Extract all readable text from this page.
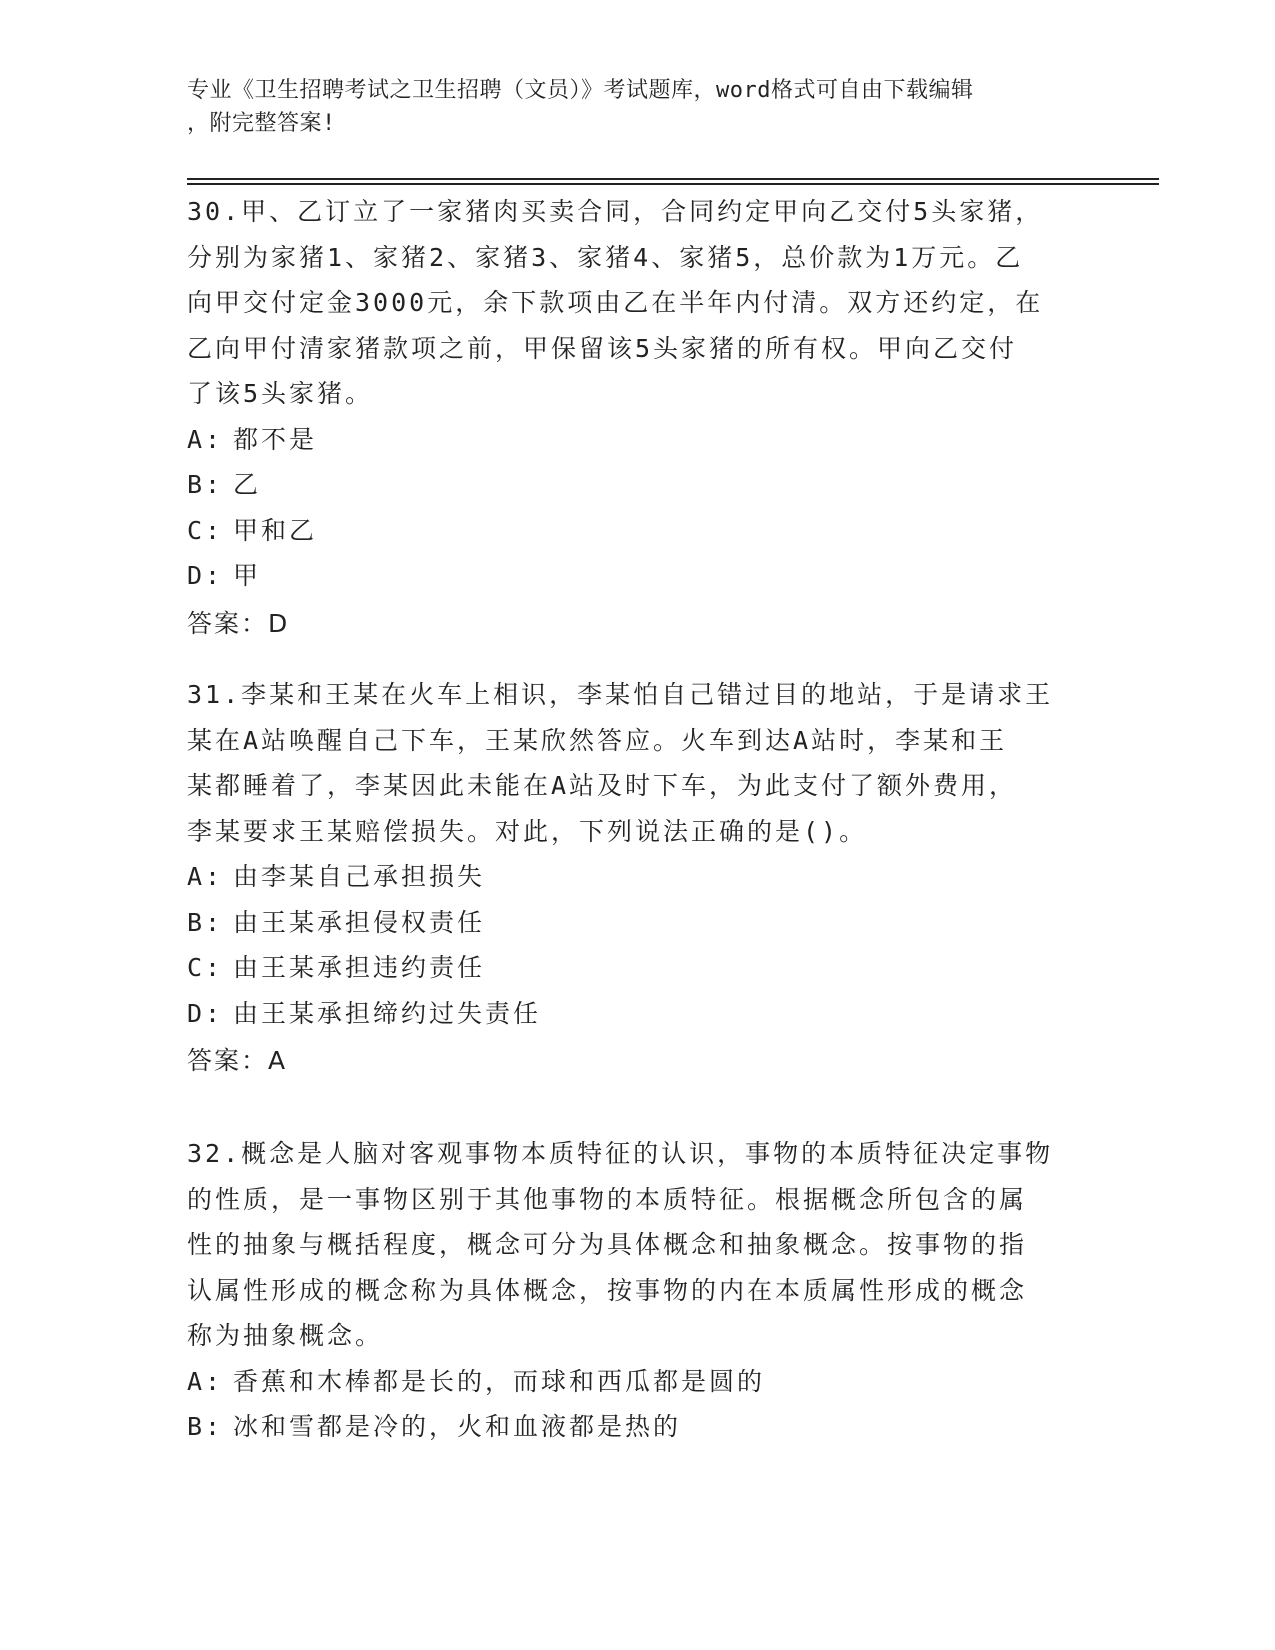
专业《卫生招聘考试之卫生招聘（文员）》考试题库，word格式可自由下载编辑
，附完整答案!

30.甲、乙订立了一家猪肉买卖合同，合同约定甲向乙交付5头家猪，
分别为家猪1、家猪2、家猪3、家猪4、家猪5，总价款为1万元。乙
向甲交付定金3000元，余下款项由乙在半年内付清。双方还约定，在
乙向甲付清家猪款项之前，甲保留该5头家猪的所有权。甲向乙交付
了该5头家猪。

A: 都不是

B: 乙

C: 甲和乙

D: 甲

答案：D

31.李某和王某在火车上相识，李某怕自己错过目的地站，于是请求王
某在A站唤醒自己下车，王某欣然答应。火车到达A站时，李某和王
某都睡着了，李某因此未能在A站及时下车，为此支付了额外费用，
李某要求王某赔偿损失。对此，下列说法正确的是()。

A: 由李某自己承担损失

B: 由王某承担侵权责任

C: 由王某承担违约责任

D: 由王某承担缔约过失责任

答案：A

32.概念是人脑对客观事物本质特征的认识，事物的本质特征决定事物
的性质，是一事物区别于其他事物的本质特征。根据概念所包含的属
性的抽象与概括程度，概念可分为具体概念和抽象概念。按事物的指
认属性形成的概念称为具体概念，按事物的内在本质属性形成的概念
称为抽象概念。

A: 香蕉和木棒都是长的，而球和西瓜都是圆的

B: 冰和雪都是冷的，火和血液都是热的
